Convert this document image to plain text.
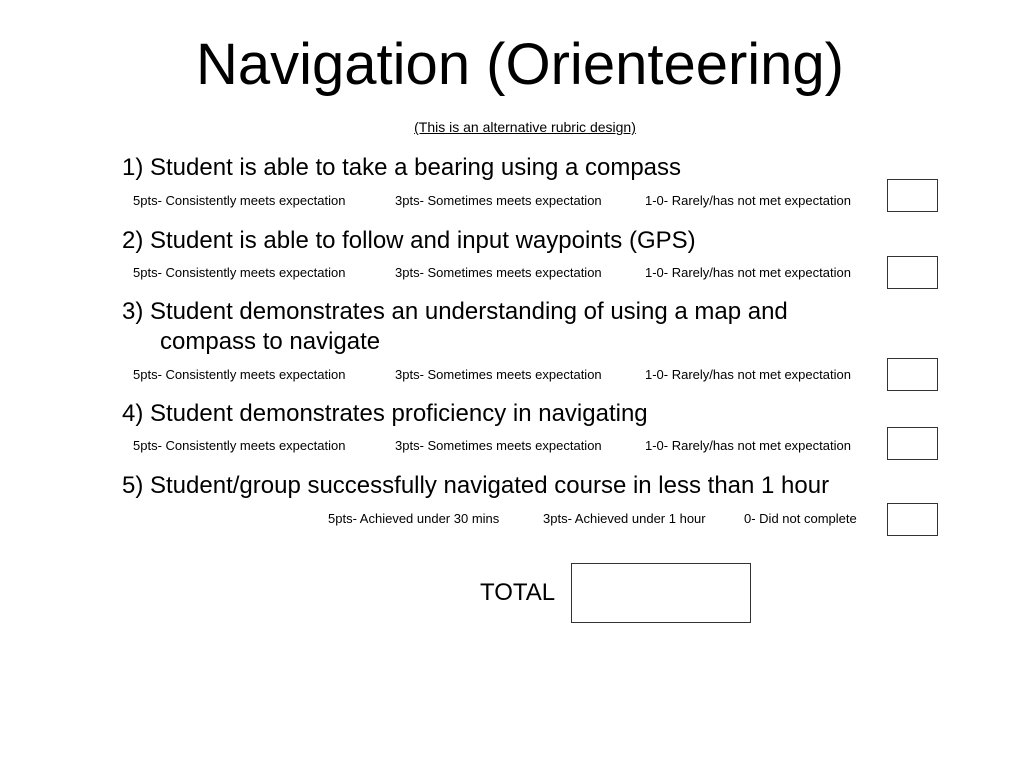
Navigation (Orienteering)
(This is an alternative rubric design)
1) Student is able to take a bearing using a compass
5pts- Consistently meets expectation	3pts- Sometimes meets expectation	1-0- Rarely/has not met expectation
2) Student is able to follow and input waypoints (GPS)
5pts- Consistently meets expectation	3pts- Sometimes meets expectation	1-0- Rarely/has not met expectation
3) Student demonstrates an understanding of using a map and
compass to navigate
5pts- Consistently meets expectation	3pts- Sometimes meets expectation	1-0- Rarely/has not met expectation
4) Student demonstrates proficiency in navigating
5pts- Consistently meets expectation	3pts- Sometimes meets expectation	1-0- Rarely/has not met expectation
5) Student/group successfully navigated course in less than 1 hour
5pts- Achieved under 30 mins	3pts- Achieved under 1 hour	0- Did not complete
TOTAL
